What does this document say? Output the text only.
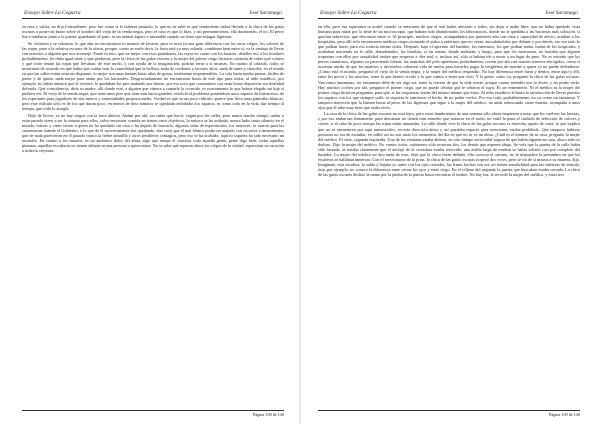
Ensayo Sobre La Ceguera	José Saramago

su casa y sufría, no dijo Consuélame, pero fue como si lo hubiera pensado, lo que no se sabe es qué sentimiento habrá llevado a la chica de las gafas oscuras a poner un brazo sobre el hombro del viejo de la venda negra, pero el caso es que lo hizo, y así permanecieron, ella durmiendo, él no. El perro fue a tumbarse junto a la puerta, guardando el paso, es un animal áspero e intratable cuando no tiene que enjugar lágrimas.

Se vistieron y se calzaron, lo que aún no encontraron es manera de lavarse, pero es nota ya una gran diferencia con los otros ciegos, los colores de las ropas, pese a la relativa escasez de la oferta, porque, como se suele decir, la fruta está ya muy sobada, combinan bien entre sí, va la ventaja de llevar con nosotros a alguien que nos aconseje. Ponte tú esto, que va mejor con esos pantalones, las rayas no casan con los lunares, detalles así, a los hombres probablemente, les daba igual tanto y que perdieras, pero la chica de las gafas oscuras y la mujer del primer ciego hicieron cuestión de saber qué colores y qué corte tenían las ropas que llevaban, de este modo, y con ayuda de la imaginación, podrán verse a sí mismas. En cuanto al calzado, todos se mostraron de acuerdo en que había que cuidar más la comodidad que la belleza, nada de cordones y tacones altos, nada de antes y charoles, en el estado en que las calles están sería un disparate, lo mejor son unas buenas botas altas de goma, totalmente impermeables. La cola hasta media pierna, fáciles de poner y de quitar, nada mejor para andar por los barrizales. Desgraciadamente no encontraron botas de este tipo para todos, al niño estrábico, por ejemplo, no había número que le sirviera, le quedaban los pies nadando por dentro, por eso tuvo que contentarse con unas botas deportivas sin finalidad definida. Qué coincidencia, diría su madre, allí donde esté, a alguien que viniera a contarle lo ocurrido, es exactamente lo que habría elegido mi hijo si pudiera ver. El viejo de la venda negra, que tiene unos pies que tiran más hacia grandes, resolvió el problema poniéndose unos zapatos de baloncesto, de los especiales para jugadores de dos metros y extremidades proporcionales. Verdad es que va un poco ridículo, parece que lleva unas pantuflas blancas, pero este ridículo sólo es de los que duran poco, en menos de diez minutos se quedarán enlodados los zapatos, es como todo en la vida, dar tiempo al tiempo, que todo lo arregla.

Dejó de llover, ya no hay ciegos con la boca abierta. Andan por ahí, sin saber qué hacer, vagan por las calles, pero nunca mucho tiempo, andar o estar parado viene a ser lo mismo para ellos, salvo encontrar comida no tienen otros objetivos, la música se ha acabado, nunca hubo tanto silencio en el mundo, teatros y cines sirven a quien no ha quedado sin casa o ha dejado de buscarla, algunos salas de espectáculos, los mayores, se usaron para las cuarentenas cuando el Gobierno, o lo que de él sucesivamente fue quedando, aún creía que el mal blanco podía ser atajado con recursos e instrumentos que de nada parecieron en el pasado contra la fiebre amarilla y otros pestíferos contagios, pero eso se ha acabado, aquí ni siquiera ha sido necesario un incendio. En cuanto a los museos, es un auténtico dolor del alma, algo que rompe el corazón, toda aquella gente, gente digo bien, todas aquellas pinturas, aquellas esculturas no tienen delante ni una persona a quien mirar. No se sabe qué esperan ahora los ciegos de la ciudad, esperarían su curación a todavía creyeran

Página 108 de 149
Ensayo Sobre La Ceguera	José Saramago

en ella, pero esa esperanza se acabó cuando se enteraron de que el mal había afectado a todos, sin dejar a nadie libre, que no había quedado vista humana para mirar por la lente de un microscopio, que habían sido abandonados los laboratorios, donde no le quedaba a las bacterias más solución, si querían sobrevivir, que devorarse entre sí. Al principio, muchos ciegos, acompañados por parientes aún con vista y capacidad de afecto, acudían a los hospitales, pero allí sólo encontraron médicos ciegos tomando el pulso a enfermos que no veían, auscultándolos por delante y por detrás, eso era todo lo que podían hacer, para eso todavía tenían oídos. Después, bajo el apremio del hambre, los enfermos, los que podían andar, huían de los hospitales, y acababan muriendo en la calle, abandonados, las familias, si las tenían, dónde andarían, y luego, para que los enterrasen, no bastaba que alguien tropezase con ellos por casualidad, tenían que empezar a oler mal, e, incluso así, sólo si habían ido a morir a un lugar de paso. No es extraño que los perros cuantiosos, algunos ya pareciendo hienas, las manchas del pelo aparentan, podredumbre, corren por ahí con cuartos traseros encogidos, como si tuvieran miedo de que los muertos y devorados cobrasen vida de nuevo para hacerles pagar la vergüenza de morder a quien ya no puede defenderse. ¿Cómo está el mundo, preguntó el viejo de la venda negra, y la mujer del médico respondió, No hay diferencia entre fuera y dentro, entre aquí y allí, entre los pocos y los muchos, entre lo que hemos vivido y lo que vamos a tener que vivir. Y la gente, cómo va, preguntó la chica de las gafas oscuras. Van como fantasmas, ser fantasmas debe de ser algo así, tener la certeza de que la vida existe, porque cuatro sentidos nos lo dicen, y no poder verla. Hay muchos coches por ahí, preguntó el primer ciego, que no puede olvidar que le robaron el suyo. Es un cementerio. Ni el médico ni la mujer del primer ciego hicieron preguntas, para qué, si las respuestas serían del mismo talante que éstas. Al niño estrábico le basta la satisfacción de llevar puestos los zapatos con los que siempre soñó, ni siquiera le entristece el hecho de no poder verlos. Por eso todo, probablemente, no va como un fantasma. Y tampoco mereceía que la llamen hiena al perro de las lágrimas que sigue a la mujer del médico, no anda rebuscando carne muerta, acompaña a unos ojos que él sabe muy bien que están vivos.

La casa de la chica de las gafas oscuras no está lejos, pero estos hambrientos de una semana sólo ahora empiezan a notar que les vuelven las fuerzas, y por eso andan tan lentamente, para descansar no tienen más remedio que sentarse en el suelo, no valió la pena el cuidado de selección de colores y cortes, si al cabo de poco tiempo las ropas están inmundas. La calle donde vive la chica de las gafas oscuras es estrecha, aparte de corta, lo que explica que no se encuentren por aquí automóviles, en este dirección única y así quedaba espacio para estacionar, estaba prohibido. Que tampoco hubiese personas no era de extrañar, en calles así no son raras los momentos del día en que no se ve un alma. ¿Cuál es el número de tu casa, preguntó la mujer del médico, El siete, segunda izquierda. Una de las ventanas estaba abierta, en otro tiempo sería señal segura de que había alguien en casa, ahora todo es dudoso. Dijo la mujer del médico, No vamos todos, subiremos sólo nosotras dos, los demás que esperen abajo. Se veía que la puerta de la calle había sido forzada, se notaba claramente que el anclaje de la cerradura estaba retorcido, una astilla larga de madera se había soltado casi por completo del bastidor. La mujer del médico no dijo nada de esto, dejó que la chica fuese delante, ella conocía el camino, no le importaba la penumbra en que las escaleras se hallaban inmersas. Con el nerviosismo de la prisa, la chica de las gafas oscuras tropezó dos veces, pero se rió de sí misma a su manera, dijo, Imagínate, esta escalera, la subía y bajaba yo antes con los ojos cerrados, las frases hechas son así, no tienen sensibilidad para las sutilezas de sentido, ésta, por ejemplo, no conoce la diferencia entre cerrar los ojos y estar ciego. En el rellano del segundo la puerta que buscaban estaba cerrada. La chica de las gafas oscuras deslizó la mano por la jamba de la puerta hasta encontrar el timbre. No hay luz, le recordó la mujer del médico, y estas tres

Página 109 de 149
